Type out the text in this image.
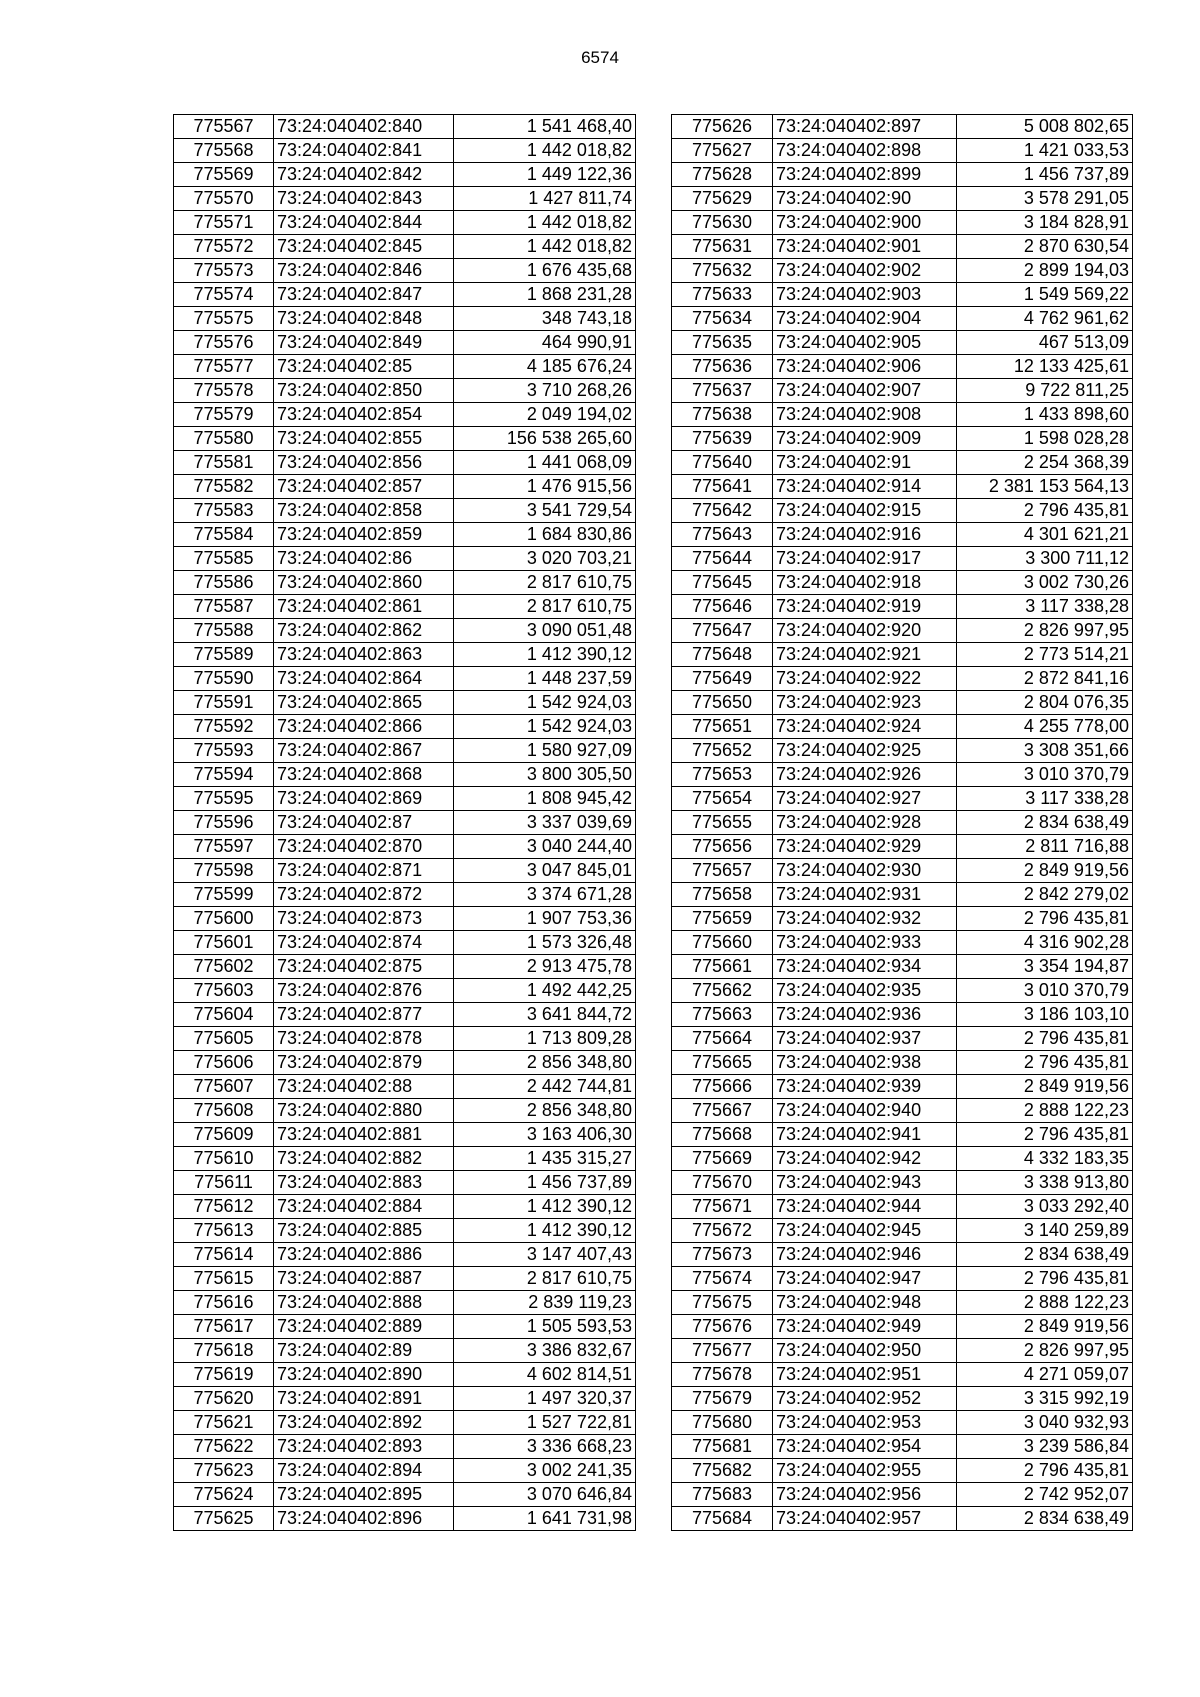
6574
775567	73:24:040402:840	1 541 468,40
775568	73:24:040402:841	1 442 018,82
775569	73:24:040402:842	1 449 122,36
775570	73:24:040402:843	1 427 811,74
775571	73:24:040402:844	1 442 018,82
775572	73:24:040402:845	1 442 018,82
775573	73:24:040402:846	1 676 435,68
775574	73:24:040402:847	1 868 231,28
775575	73:24:040402:848	348 743,18
775576	73:24:040402:849	464 990,91
775577	73:24:040402:85	4 185 676,24
775578	73:24:040402:850	3 710 268,26
775579	73:24:040402:854	2 049 194,02
775580	73:24:040402:855	156 538 265,60
775581	73:24:040402:856	1 441 068,09
775582	73:24:040402:857	1 476 915,56
775583	73:24:040402:858	3 541 729,54
775584	73:24:040402:859	1 684 830,86
775585	73:24:040402:86	3 020 703,21
775586	73:24:040402:860	2 817 610,75
775587	73:24:040402:861	2 817 610,75
775588	73:24:040402:862	3 090 051,48
775589	73:24:040402:863	1 412 390,12
775590	73:24:040402:864	1 448 237,59
775591	73:24:040402:865	1 542 924,03
775592	73:24:040402:866	1 542 924,03
775593	73:24:040402:867	1 580 927,09
775594	73:24:040402:868	3 800 305,50
775595	73:24:040402:869	1 808 945,42
775596	73:24:040402:87	3 337 039,69
775597	73:24:040402:870	3 040 244,40
775598	73:24:040402:871	3 047 845,01
775599	73:24:040402:872	3 374 671,28
775600	73:24:040402:873	1 907 753,36
775601	73:24:040402:874	1 573 326,48
775602	73:24:040402:875	2 913 475,78
775603	73:24:040402:876	1 492 442,25
775604	73:24:040402:877	3 641 844,72
775605	73:24:040402:878	1 713 809,28
775606	73:24:040402:879	2 856 348,80
775607	73:24:040402:88	2 442 744,81
775608	73:24:040402:880	2 856 348,80
775609	73:24:040402:881	3 163 406,30
775610	73:24:040402:882	1 435 315,27
775611	73:24:040402:883	1 456 737,89
775612	73:24:040402:884	1 412 390,12
775613	73:24:040402:885	1 412 390,12
775614	73:24:040402:886	3 147 407,43
775615	73:24:040402:887	2 817 610,75
775616	73:24:040402:888	2 839 119,23
775617	73:24:040402:889	1 505 593,53
775618	73:24:040402:89	3 386 832,67
775619	73:24:040402:890	4 602 814,51
775620	73:24:040402:891	1 497 320,37
775621	73:24:040402:892	1 527 722,81
775622	73:24:040402:893	3 336 668,23
775623	73:24:040402:894	3 002 241,35
775624	73:24:040402:895	3 070 646,84
775625	73:24:040402:896	1 641 731,98
775626	73:24:040402:897	5 008 802,65
775627	73:24:040402:898	1 421 033,53
775628	73:24:040402:899	1 456 737,89
775629	73:24:040402:90	3 578 291,05
775630	73:24:040402:900	3 184 828,91
775631	73:24:040402:901	2 870 630,54
775632	73:24:040402:902	2 899 194,03
775633	73:24:040402:903	1 549 569,22
775634	73:24:040402:904	4 762 961,62
775635	73:24:040402:905	467 513,09
775636	73:24:040402:906	12 133 425,61
775637	73:24:040402:907	9 722 811,25
775638	73:24:040402:908	1 433 898,60
775639	73:24:040402:909	1 598 028,28
775640	73:24:040402:91	2 254 368,39
775641	73:24:040402:914	2 381 153 564,13
775642	73:24:040402:915	2 796 435,81
775643	73:24:040402:916	4 301 621,21
775644	73:24:040402:917	3 300 711,12
775645	73:24:040402:918	3 002 730,26
775646	73:24:040402:919	3 117 338,28
775647	73:24:040402:920	2 826 997,95
775648	73:24:040402:921	2 773 514,21
775649	73:24:040402:922	2 872 841,16
775650	73:24:040402:923	2 804 076,35
775651	73:24:040402:924	4 255 778,00
775652	73:24:040402:925	3 308 351,66
775653	73:24:040402:926	3 010 370,79
775654	73:24:040402:927	3 117 338,28
775655	73:24:040402:928	2 834 638,49
775656	73:24:040402:929	2 811 716,88
775657	73:24:040402:930	2 849 919,56
775658	73:24:040402:931	2 842 279,02
775659	73:24:040402:932	2 796 435,81
775660	73:24:040402:933	4 316 902,28
775661	73:24:040402:934	3 354 194,87
775662	73:24:040402:935	3 010 370,79
775663	73:24:040402:936	3 186 103,10
775664	73:24:040402:937	2 796 435,81
775665	73:24:040402:938	2 796 435,81
775666	73:24:040402:939	2 849 919,56
775667	73:24:040402:940	2 888 122,23
775668	73:24:040402:941	2 796 435,81
775669	73:24:040402:942	4 332 183,35
775670	73:24:040402:943	3 338 913,80
775671	73:24:040402:944	3 033 292,40
775672	73:24:040402:945	3 140 259,89
775673	73:24:040402:946	2 834 638,49
775674	73:24:040402:947	2 796 435,81
775675	73:24:040402:948	2 888 122,23
775676	73:24:040402:949	2 849 919,56
775677	73:24:040402:950	2 826 997,95
775678	73:24:040402:951	4 271 059,07
775679	73:24:040402:952	3 315 992,19
775680	73:24:040402:953	3 040 932,93
775681	73:24:040402:954	3 239 586,84
775682	73:24:040402:955	2 796 435,81
775683	73:24:040402:956	2 742 952,07
775684	73:24:040402:957	2 834 638,49
